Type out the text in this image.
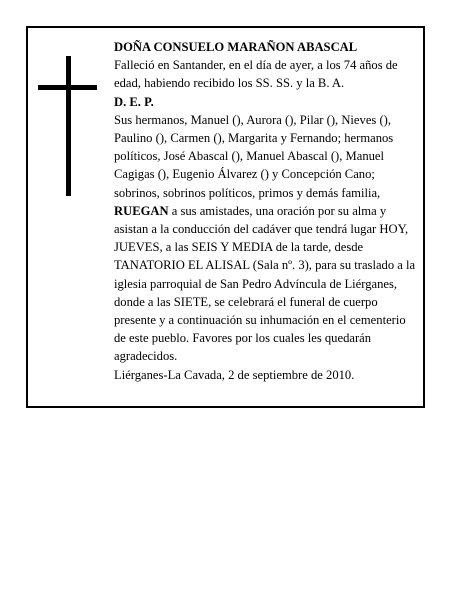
DOÑA CONSUELO MARAÑON ABASCAL

Falleció en Santander, en el día de ayer, a los 74 años de edad, habiendo recibido los SS. SS. y la B. A.

D. E. P.

Sus hermanos, Manuel (), Aurora (), Pilar (), Nieves (), Paulino (), Carmen (), Margarita y Fernando; hermanos políticos, José Abascal (), Manuel Abascal (), Manuel Cagigas (), Eugenio Álvarez () y Concepción Cano; sobrinos, sobrinos políticos, primos y demás familia,

RUEGAN a sus amistades, una oración por su alma y asistan a la conducción del cadáver que tendrá lugar HOY, JUEVES, a las SEIS Y MEDIA de la tarde, desde TANATORIO EL ALISAL (Sala nº. 3), para su traslado a la iglesia parroquial de San Pedro Advíncula de Liérganes, donde a las SIETE, se celebrará el funeral de cuerpo presente y a continuación su inhumación en el cementerio de este pueblo. Favores por los cuales les quedarán agradecidos.

Liérganes-La Cavada, 2 de septiembre de 2010.
